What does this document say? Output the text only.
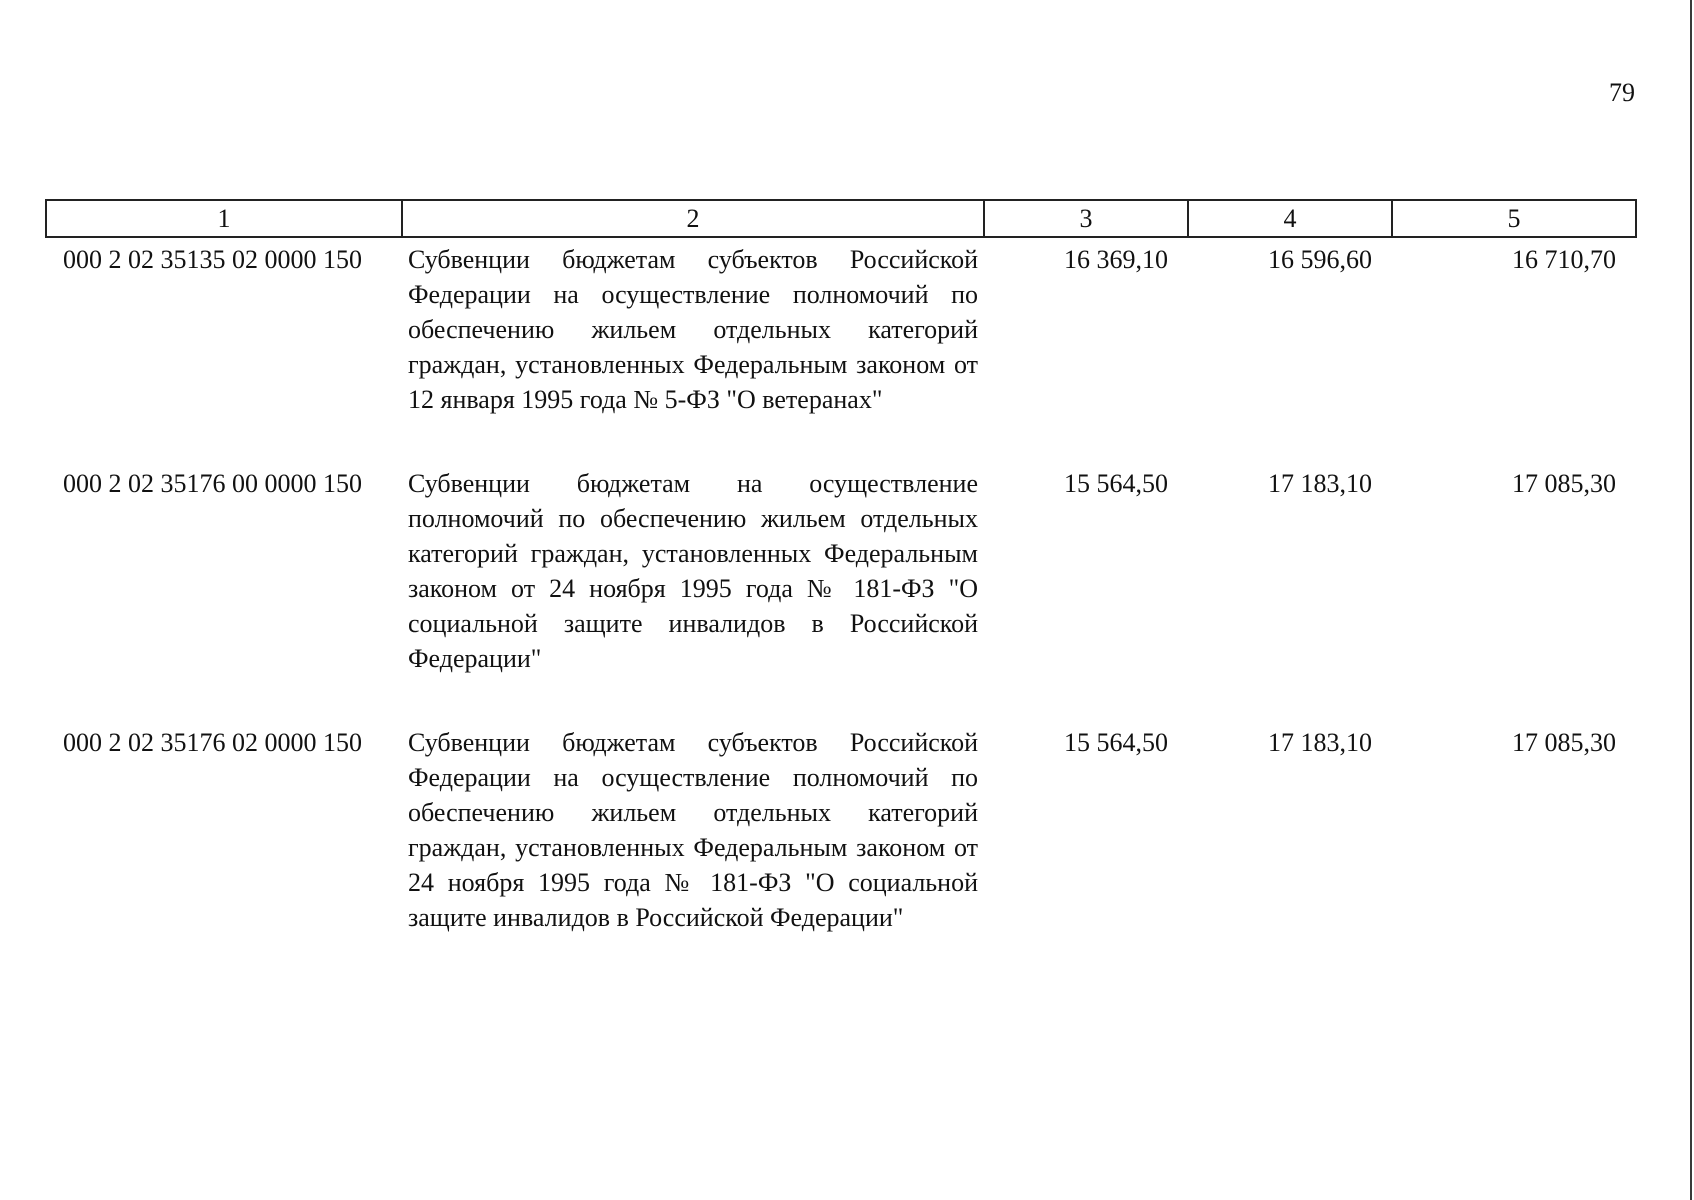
79
1	2	3	4	5
000 2 02 35135 02 0000 150	Субвенции бюджетам субъектов Российской Федерации на осуществление полномочий по обеспечению жильем отдельных категорий граждан, установленных Федеральным законом от 12 января 1995 года № 5-ФЗ "О ветеранах"	16 369,10	16 596,60	16 710,70
000 2 02 35176 00 0000 150	Субвенции бюджетам на осуществление полномочий по обеспечению жильем отдельных категорий граждан, установленных Федеральным законом от 24 ноября 1995 года № 181-ФЗ "О социальной защите инвалидов в Российской Федерации"	15 564,50	17 183,10	17 085,30
000 2 02 35176 02 0000 150	Субвенции бюджетам субъектов Российской Федерации на осуществление полномочий по обеспечению жильем отдельных категорий граждан, установленных Федеральным законом от 24 ноября 1995 года № 181-ФЗ "О социальной защите инвалидов в Российской Федерации"	15 564,50	17 183,10	17 085,30
